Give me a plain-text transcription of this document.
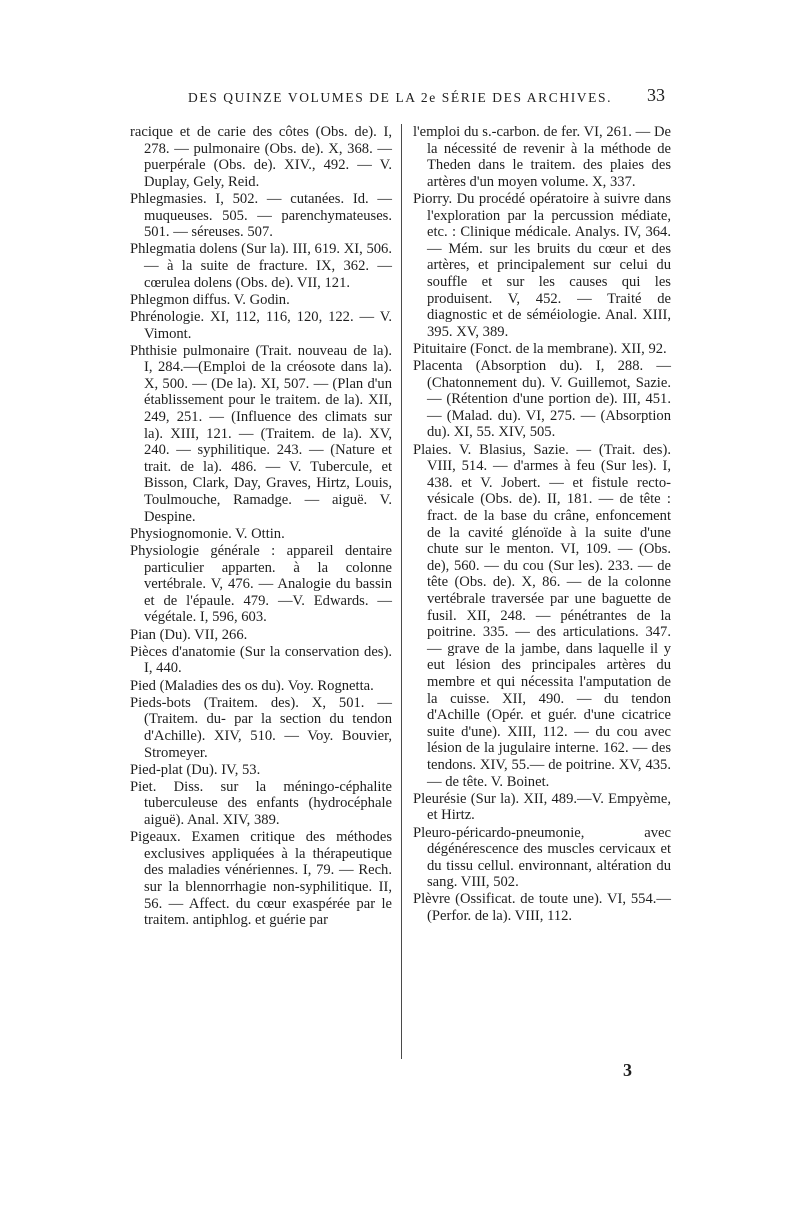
DES QUINZE VOLUMES DE LA 2e SÉRIE DES ARCHIVES. 33

racique et de carie des côtes (Obs. de). I, 278. — pulmonaire (Obs. de). X, 368. — puerpérale (Obs. de). XIV., 492. — V. Duplay, Gely, Reid.

Phlegmasies. I, 502. — cutanées. Id. — muqueuses. 505. — parenchymateuses. 501. — séreuses. 507.

Phlegmatia dolens (Sur la). III, 619. XI, 506. — à la suite de fracture. IX, 362. — cœrulea dolens (Obs. de). VII, 121.

Phlegmon diffus. V. Godin.

Phrénologie. XI, 112, 116, 120, 122. — V. Vimont.

Phthisie pulmonaire (Trait. nouveau de la). I, 284.—(Emploi de la créosote dans la). X, 500. — (De la). XI, 507. — (Plan d'un établissement pour le traitem. de la). XII, 249, 251. — (Influence des climats sur la). XIII, 121. — (Traitem. de la). XV, 240. — syphilitique. 243. — (Nature et trait. de la). 486. — V. Tubercule, et Bisson, Clark, Day, Graves, Hirtz, Louis, Toulmouche, Ramadge. — aiguë. V. Despine.

Physiognomonie. V. Ottin.

Physiologie générale : appareil dentaire particulier apparten. à la colonne vertébrale. V, 476. — Analogie du bassin et de l'épaule. 479. —V. Edwards. — végétale. I, 596, 603.

Pian (Du). VII, 266.

Pièces d'anatomie (Sur la conservation des). I, 440.

Pied (Maladies des os du). Voy. Rognetta.

Pieds-bots (Traitem. des). X, 501. — (Traitem. du- par la section du tendon d'Achille). XIV, 510. — Voy. Bouvier, Stromeyer.

Pied-plat (Du). IV, 53.

Piet. Diss. sur la méningo-céphalite tuberculeuse des enfants (hydrocéphale aiguë). Anal. XIV, 389.

Pigeaux. Examen critique des méthodes exclusives appliquées à la thérapeutique des maladies vénériennes. I, 79. — Rech. sur la blennorrhagie non-syphilitique. II, 56. — Affect. du cœur exaspérée par le traitem. antiphlog. et guérie par

l'emploi du s.-carbon. de fer. VI, 261. — De la nécessité de revenir à la méthode de Theden dans le traitem. des plaies des artères d'un moyen volume. X, 337.

Piorry. Du procédé opératoire à suivre dans l'exploration par la percussion médiate, etc. : Clinique médicale. Analys. IV, 364. — Mém. sur les bruits du cœur et des artères, et principalement sur celui du souffle et sur les causes qui les produisent. V, 452. — Traité de diagnostic et de séméiologie. Anal. XIII, 395. XV, 389.

Pituitaire (Fonct. de la membrane). XII, 92.

Placenta (Absorption du). I, 288. — (Chatonnement du). V. Guillemot, Sazie. — (Rétention d'une portion de). III, 451. — (Malad. du). VI, 275. — (Absorption du). XI, 55. XIV, 505.

Plaies. V. Blasius, Sazie. — (Trait. des). VIII, 514. — d'armes à feu (Sur les). I, 438. et V. Jobert. — et fistule recto-vésicale (Obs. de). II, 181. — de tête : fract. de la base du crâne, enfoncement de la cavité glénoïde à la suite d'une chute sur le menton. VI, 109. — (Obs. de), 560. — du cou (Sur les). 233. — de tête (Obs. de). X, 86. — de la colonne vertébrale traversée par une baguette de fusil. XII, 248. — pénétrantes de la poitrine. 335. — des articulations. 347. — grave de la jambe, dans laquelle il y eut lésion des principales artères du membre et qui nécessita l'amputation de la cuisse. XII, 490. — du tendon d'Achille (Opér. et guér. d'une cicatrice suite d'une). XIII, 112. — du cou avec lésion de la jugulaire interne. 162. — des tendons. XIV, 55.— de poitrine. XV, 435. — de tête. V. Boinet.

Pleurésie (Sur la). XII, 489.—V. Empyème, et Hirtz.

Pleuro-péricardo-pneumonie, avec dégénérescence des muscles cervicaux et du tissu cellul. environnant, altération du sang. VIII, 502.

Plèvre (Ossificat. de toute une). VI, 554.— (Perfor. de la). VIII, 112.

3
